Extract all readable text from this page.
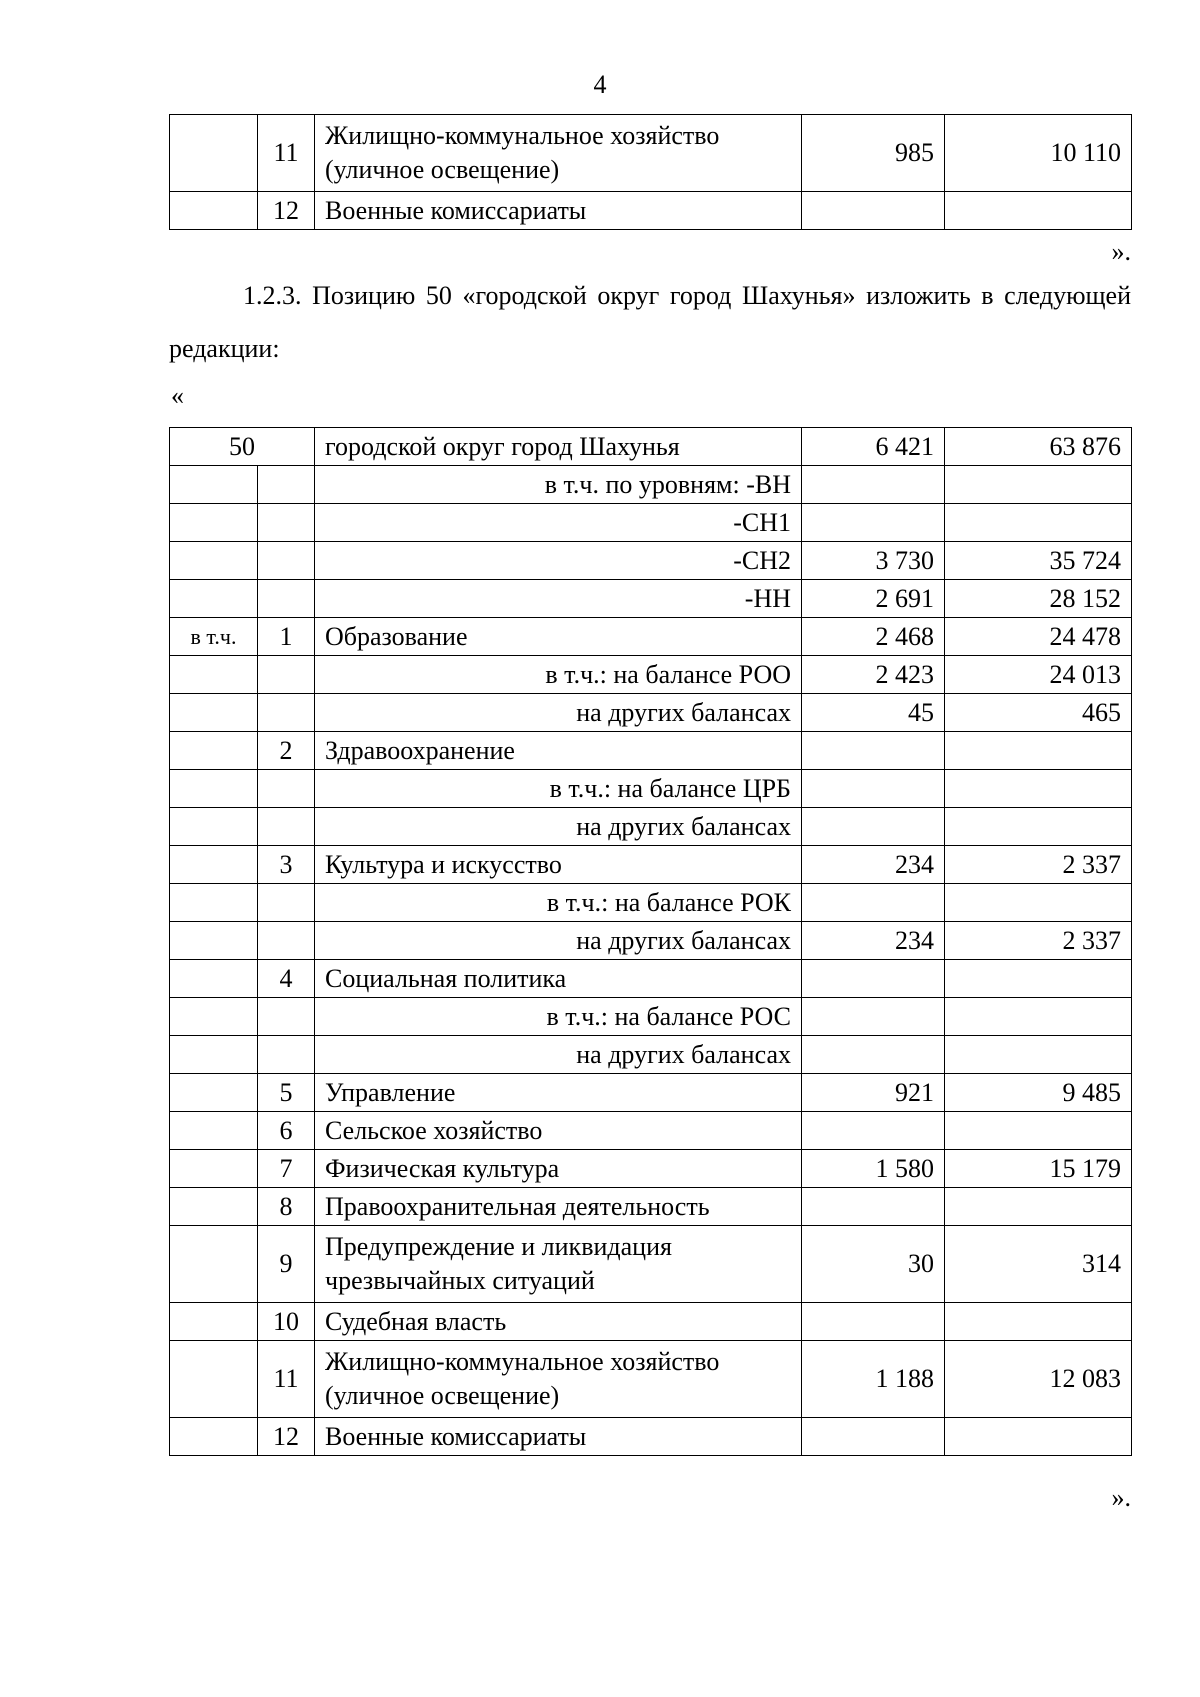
4
	11	Жилищно-коммунальное хозяйство (уличное освещение)	985	10 110
	12	Военные комиссариаты		
».
1.2.3. Позицию 50 «городской округ город Шахунья» изложить в следующей редакции:
«
50		городской округ город Шахунья	6 421	63 876
		в т.ч. по уровням: -ВН		
		-СН1		
		-СН2	3 730	35 724
		-НН	2 691	28 152
в т.ч.	1	Образование	2 468	24 478
		в т.ч.: на балансе РОО	2 423	24 013
		на других балансах	45	465
	2	Здравоохранение		
		в т.ч.: на балансе ЦРБ		
		на других балансах		
	3	Культура и искусство	234	2 337
		в т.ч.: на балансе РОК		
		на других балансах	234	2 337
	4	Социальная политика		
		в т.ч.: на балансе РОС		
		на других балансах		
	5	Управление	921	9 485
	6	Сельское хозяйство		
	7	Физическая культура	1 580	15 179
	8	Правоохранительная деятельность		
	9	Предупреждение и ликвидация чрезвычайных ситуаций	30	314
	10	Судебная власть		
	11	Жилищно-коммунальное хозяйство (уличное освещение)	1 188	12 083
	12	Военные комиссариаты		
».
